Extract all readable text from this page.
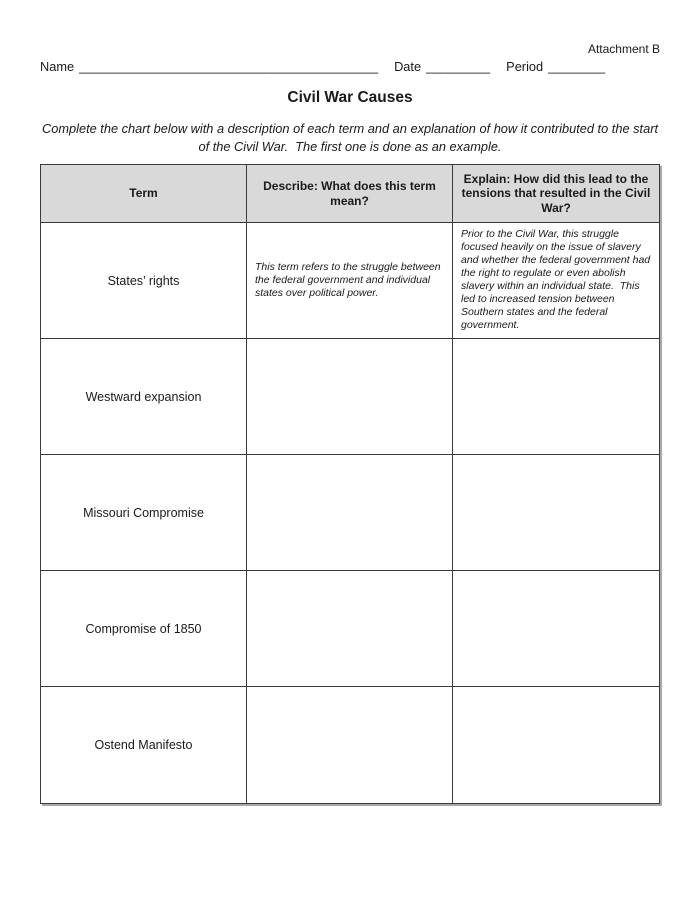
Attachment B
Name __________________________________________ Date _________ Period ________
Civil War Causes
Complete the chart below with a description of each term and an explanation of how it contributed to the start
of the Civil War.  The first one is done as an example.
Term
Describe: What does this term mean?
Explain: How did this lead to the tensions that resulted in the Civil War?
States’ rights
This term refers to the struggle between the federal government and individual states over political power.
Prior to the Civil War, this struggle focused heavily on the issue of slavery and whether the federal government had the right to regulate or even abolish slavery within an individual state.  This led to increased tension between Southern states and the federal government.
Westward expansion
Missouri Compromise
Compromise of 1850
Ostend Manifesto
